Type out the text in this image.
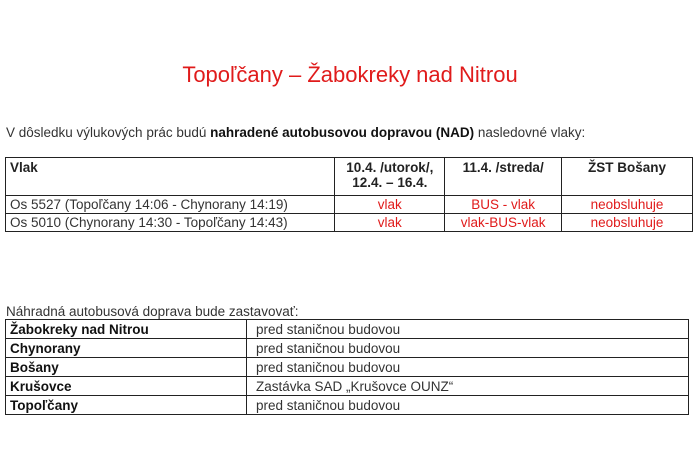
Topoľčany – Žabokreky nad Nitrou
V dôsledku výlukových prác budú nahradené autobusovou dopravou (NAD) nasledovné vlaky:
Vlak	10.4. /utorok/, 12.4. – 16.4.	11.4. /streda/	ŽST Bošany
Os 5527 (Topoľčany 14:06 - Chynorany 14:19)	vlak	BUS - vlak	neobsluhuje
Os 5010 (Chynorany 14:30 - Topoľčany 14:43)	vlak	vlak-BUS-vlak	neobsluhuje
Náhradná autobusová doprava bude zastavovať:
Žabokreky nad Nitrou	pred staničnou budovou
Chynorany	pred staničnou budovou
Bošany	pred staničnou budovou
Krušovce	Zastávka SAD „Krušovce OUNZ“
Topoľčany	pred staničnou budovou
